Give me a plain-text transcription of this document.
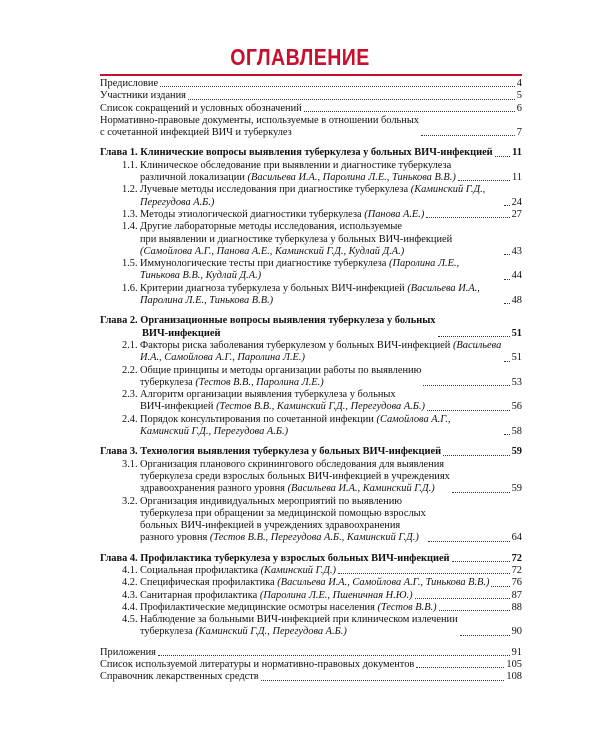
ОГЛАВЛЕНИЕ
Предисловие	4
Участники издания	5
Список сокращений и условных обозначений	6
Нормативно-правовые документы, используемые в отношении больных
с сочетанной инфекцией ВИЧ и туберкулез	7
Глава 1. Клинические вопросы выявления туберкулеза у больных ВИЧ-инфекцией 11
1.1. Клиническое обследование при выявлении и диагностике туберкулеза
различной локализации (Васильева И.А., Паролина Л.Е., Тинькова В.В.)	11
1.2. Лучевые методы исследования при диагностике туберкулеза (Каминский Г.Д., Перегудова А.Б.)	24
1.3. Методы этиологической диагностики туберкулеза (Панова А.Е.)	27
1.4. Другие лабораторные методы исследования, используемые
при выявлении и диагностике туберкулеза у больных ВИЧ-инфекцией (Самойлова А.Г., Панова А.Е., Каминский Г.Д., Кудлай Д.А.)	43
1.5. Иммунологические тесты при диагностике туберкулеза (Паролина Л.Е., Тинькова В.В., Кудлай Д.А.)	44
1.6. Критерии диагноза туберкулеза у больных ВИЧ-инфекцией (Васильева И.А., Паролина Л.Е., Тинькова В.В.)	48
Глава 2. Организационные вопросы выявления туберкулеза у больных
ВИЧ-инфекцией	51
2.1. Факторы риска заболевания туберкулезом у больных ВИЧ-инфекцией (Васильева И.А., Самойлова А.Г., Паролина Л.Е.)	51
2.2. Общие принципы и методы организации работы по выявлению
туберкулеза (Тестов В.В., Паролина Л.Е.)	53
2.3. Алгоритм организации выявления туберкулеза у больных
ВИЧ-инфекцией (Тестов В.В., Каминский Г.Д., Перегудова А.Б.)	56
2.4. Порядок консультирования по сочетанной инфекции (Самойлова А.Г., Каминский Г.Д., Перегудова А.Б.)	58
Глава 3. Технология выявления туберкулеза у больных ВИЧ-инфекцией	59
3.1. Организация планового скринингового обследования для выявления
туберкулеза среди взрослых больных ВИЧ-инфекцией в учреждениях
здравоохранения разного уровня (Васильева И.А., Каминский Г.Д.)	59
3.2. Организация индивидуальных мероприятий по выявлению
туберкулеза при обращении за медицинской помощью взрослых
больных ВИЧ-инфекцией в учреждениях здравоохранения
разного уровня (Тестов В.В., Перегудова А.Б., Каминский Г.Д.)	64
Глава 4. Профилактика туберкулеза у взрослых больных ВИЧ-инфекцией	72
4.1. Социальная профилактика (Каминский Г.Д.)	72
4.2. Специфическая профилактика (Васильева И.А., Самойлова А.Г., Тинькова В.В.) 76
4.3. Санитарная профилактика (Паролина Л.Е., Пшеничная Н.Ю.)	87
4.4. Профилактические медицинские осмотры населения (Тестов В.В.)	88
4.5. Наблюдение за больными ВИЧ-инфекцией при клиническом излечении
туберкулеза (Каминский Г.Д., Перегудова А.Б.)	90
Приложения	91
Список используемой литературы и нормативно-правовых документов	105
Справочник лекарственных средств	108
